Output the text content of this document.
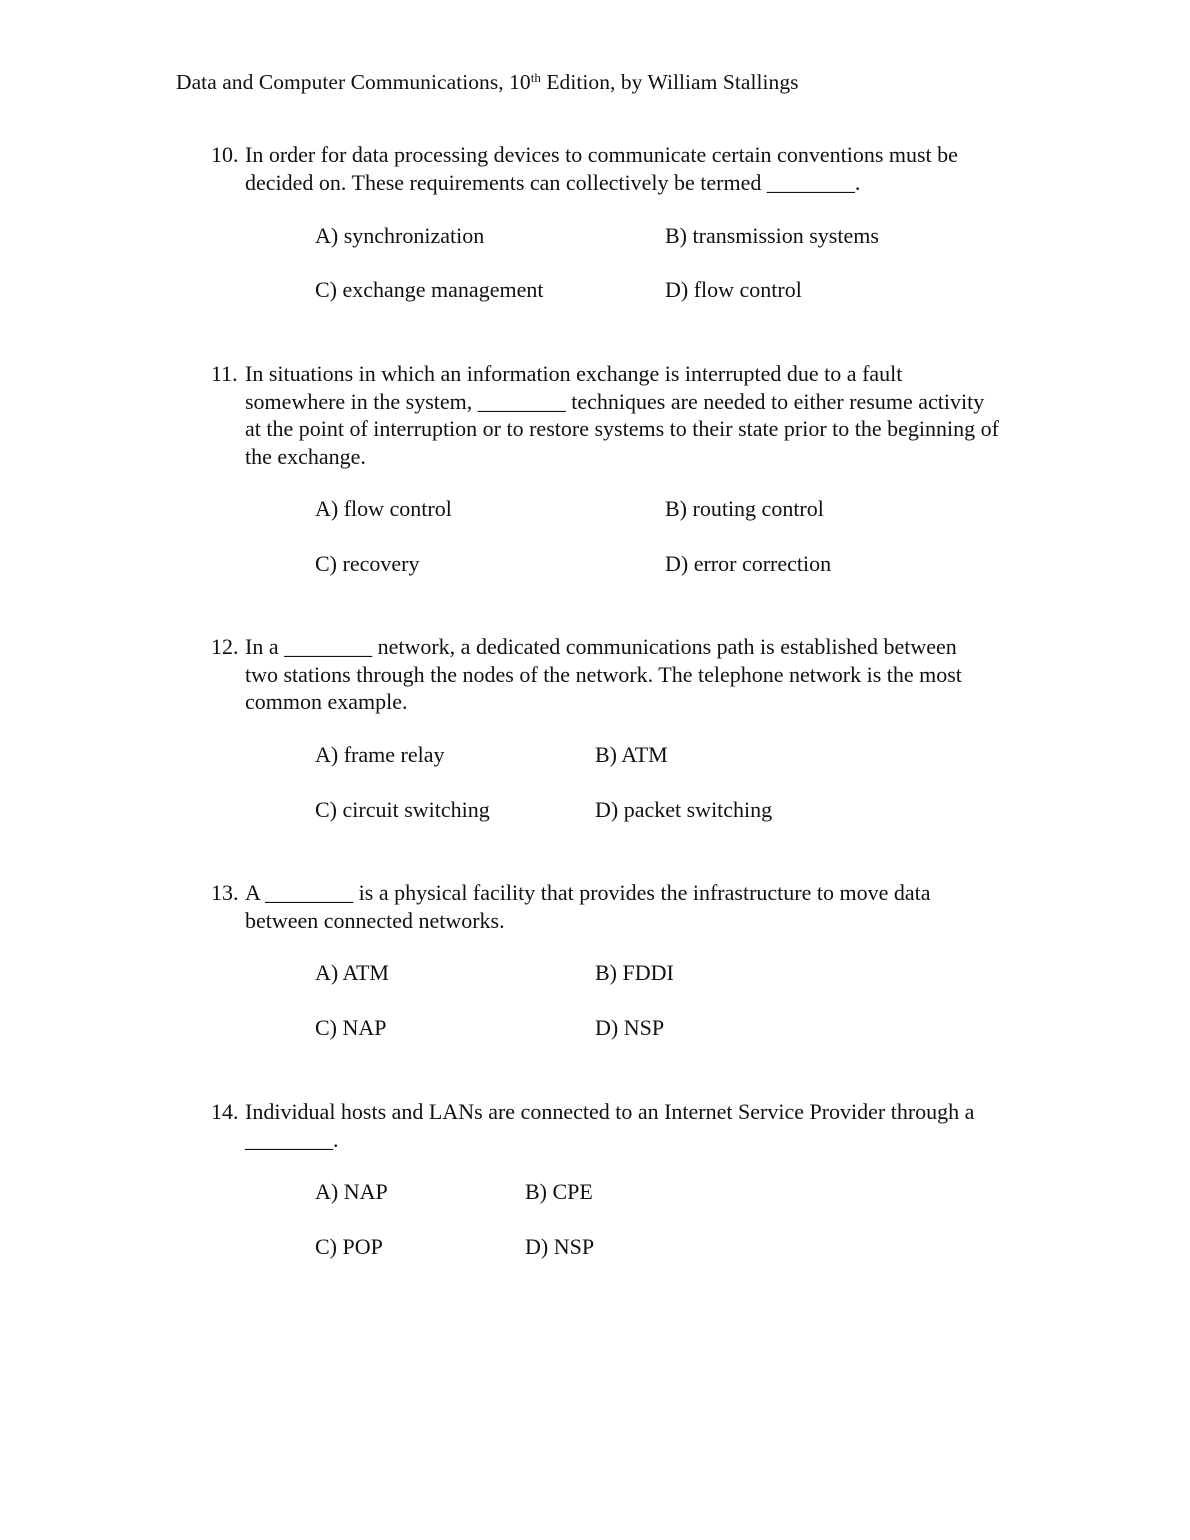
Data and Computer Communications, 10th Edition, by William Stallings
10. In order for data processing devices to communicate certain conventions must be decided on. These requirements can collectively be termed ________.
A) synchronization	B) transmission systems
C) exchange management	D) flow control
11. In situations in which an information exchange is interrupted due to a fault somewhere in the system, ________ techniques are needed to either resume activity at the point of interruption or to restore systems to their state prior to the beginning of the exchange.
A) flow control	B) routing control
C) recovery	D) error correction
12. In a ________ network, a dedicated communications path is established between two stations through the nodes of the network. The telephone network is the most common example.
A) frame relay	B) ATM
C) circuit switching	D) packet switching
13. A ________ is a physical facility that provides the infrastructure to move data between connected networks.
A) ATM	B) FDDI
C) NAP	D) NSP
14. Individual hosts and LANs are connected to an Internet Service Provider through a ________.
A) NAP	B) CPE
C) POP	D) NSP
